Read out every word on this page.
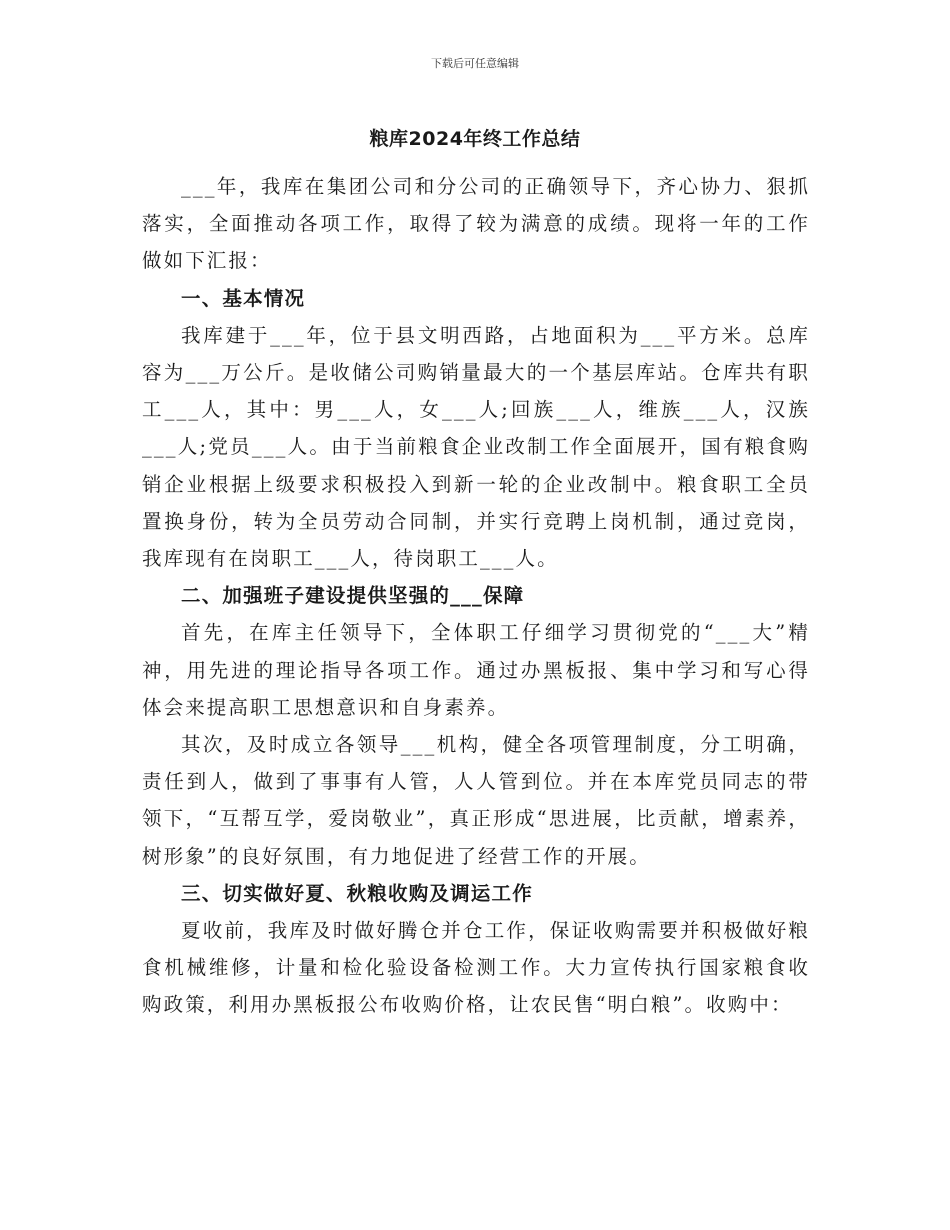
下载后可任意编辑
粮库2024年终工作总结

___年，我库在集团公司和分公司的正确领导下，齐心协力、狠抓落实，全面推动各项工作，取得了较为满意的成绩。现将一年的工作做如下汇报：

一、基本情况

我库建于___年，位于县文明西路，占地面积为___平方米。总库容为___万公斤。是收储公司购销量最大的一个基层库站。仓库共有职工___人，其中：男___人，女___人;回族___人，维族___人，汉族___人;党员___人。由于当前粮食企业改制工作全面展开，国有粮食购销企业根据上级要求积极投入到新一轮的企业改制中。粮食职工全员置换身份，转为全员劳动合同制，并实行竞聘上岗机制，通过竞岗，我库现有在岗职工___人，待岗职工___人。

二、加强班子建设提供坚强的___保障

首先，在库主任领导下，全体职工仔细学习贯彻党的“___大”精神，用先进的理论指导各项工作。通过办黑板报、集中学习和写心得体会来提高职工思想意识和自身素养。

其次，及时成立各领导___机构，健全各项管理制度，分工明确，责任到人，做到了事事有人管，人人管到位。并在本库党员同志的带领下，“互帮互学，爱岗敬业”，真正形成“思进展，比贡献，增素养，树形象”的良好氛围，有力地促进了经营工作的开展。

三、切实做好夏、秋粮收购及调运工作

夏收前，我库及时做好腾仓并仓工作，保证收购需要并积极做好粮食机械维修，计量和检化验设备检测工作。大力宣传执行国家粮食收购政策，利用办黑板报公布收购价格，让农民售“明白粮”。收购中：
